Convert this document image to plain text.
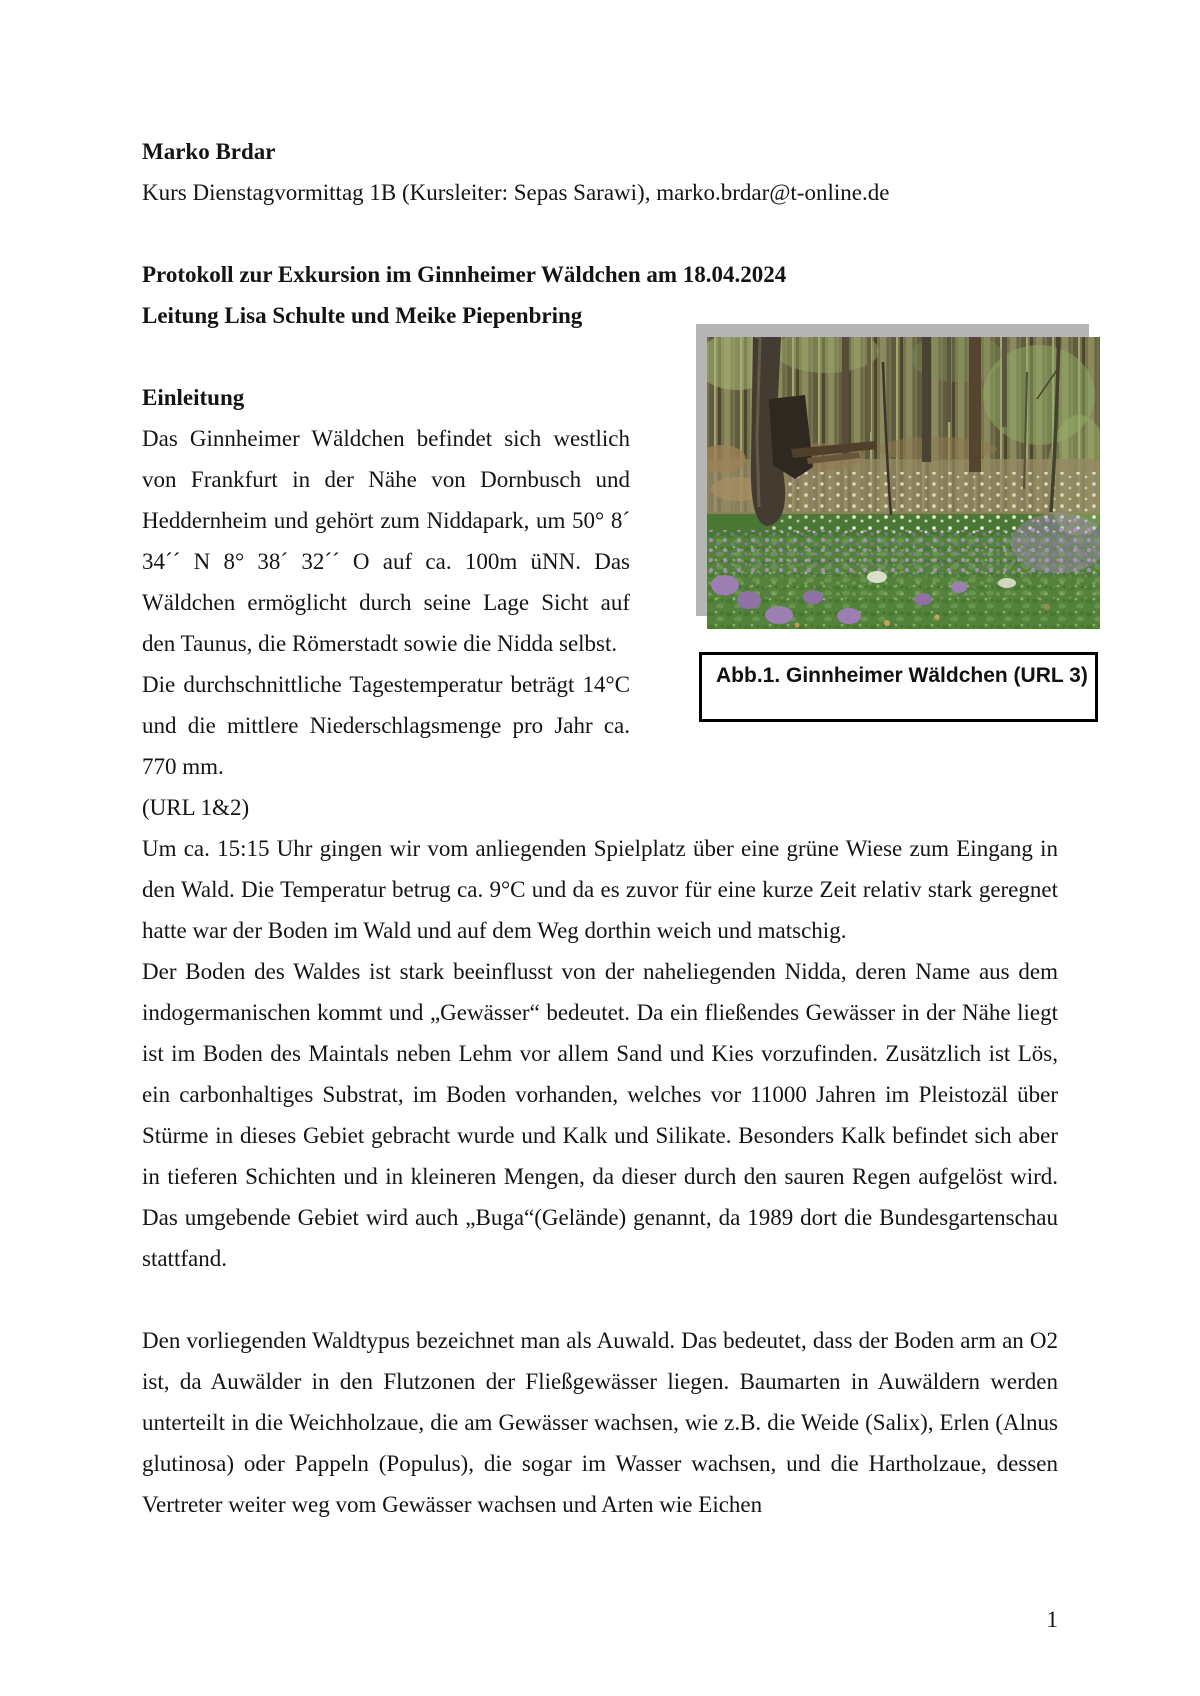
Marko Brdar

Kurs Dienstagvormittag 1B (Kursleiter: Sepas Sarawi), marko.brdar@t-online.de

Protokoll zur Exkursion im Ginnheimer Wäldchen am 18.04.2024

Leitung Lisa Schulte und Meike Piepenbring

Abb.1. Ginnheimer Wäldchen (URL 3)

Einleitung

Das Ginnheimer Wäldchen befindet sich westlich von Frankfurt in der Nähe von Dornbusch und Heddernheim und gehört zum Niddapark, um 50° 8´ 34´´ N 8° 38´ 32´´ O auf ca. 100m üNN. Das Wäldchen ermöglicht durch seine Lage Sicht auf den Taunus, die Römerstadt sowie die Nidda selbst.

Die durchschnittliche Tagestemperatur beträgt 14°C und die mittlere Niederschlagsmenge pro Jahr ca. 770 mm.

(URL 1&2)

Um ca. 15:15 Uhr gingen wir vom anliegenden Spielplatz über eine grüne Wiese zum Eingang in den Wald. Die Temperatur betrug ca. 9°C und da es zuvor für eine kurze Zeit relativ stark geregnet hatte war der Boden im Wald und auf dem Weg dorthin weich und matschig.

Der Boden des Waldes ist stark beeinflusst von der naheliegenden Nidda, deren Name aus dem indogermanischen kommt und „Gewässer“ bedeutet. Da ein fließendes Gewässer in der Nähe liegt ist im Boden des Maintals neben Lehm vor allem Sand und Kies vorzufinden. Zusätzlich ist Lös, ein carbonhaltiges Substrat, im Boden vorhanden, welches vor 11000 Jahren im Pleistozäl über Stürme in dieses Gebiet gebracht wurde und Kalk und Silikate. Besonders Kalk befindet sich aber in tieferen Schichten und in kleineren Mengen, da dieser durch den sauren Regen aufgelöst wird. Das umgebende Gebiet wird auch „Buga“(Gelände) genannt, da 1989 dort die Bundesgartenschau stattfand.

Den vorliegenden Waldtypus bezeichnet man als Auwald. Das bedeutet, dass der Boden arm an O2 ist, da Auwälder in den Flutzonen der Fließgewässer liegen. Baumarten in Auwäldern werden unterteilt in die Weichholzaue, die am Gewässer wachsen, wie z.B. die Weide (Salix), Erlen (Alnus glutinosa) oder Pappeln (Populus), die sogar im Wasser wachsen, und die Hartholzaue, dessen Vertreter weiter weg vom Gewässer wachsen und Arten wie Eichen

1
